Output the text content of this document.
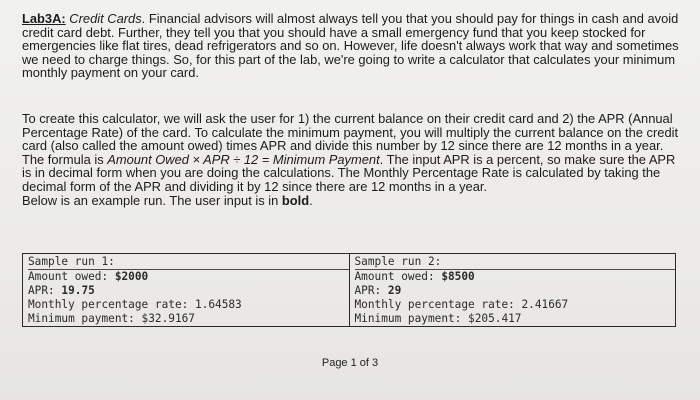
Lab3A: Credit Cards. Financial advisors will almost always tell you that you should pay for things in cash and avoid credit card debt. Further, they tell you that you should have a small emergency fund that you keep stocked for emergencies like flat tires, dead refrigerators and so on. However, life doesn't always work that way and sometimes we need to charge things. So, for this part of the lab, we're going to write a calculator that calculates your minimum monthly payment on your card.

To create this calculator, we will ask the user for 1) the current balance on their credit card and 2) the APR (Annual Percentage Rate) of the card. To calculate the minimum payment, you will multiply the current balance on the credit card (also called the amount owed) times APR and divide this number by 12 since there are 12 months in a year. The formula is Amount Owed × APR ÷ 12 = Minimum Payment. The input APR is a percent, so make sure the APR is in decimal form when you are doing the calculations. The Monthly Percentage Rate is calculated by taking the decimal form of the APR and dividing it by 12 since there are 12 months in a year.
Below is an example run. The user input is in bold.

Sample run 1:
Amount owed: $2000
APR: 19.75
Monthly percentage rate: 1.64583
Minimum payment: $32.9167
Sample run 2:
Amount owed: $8500
APR: 29
Monthly percentage rate: 2.41667
Minimum payment: $205.417
Page 1 of 3
